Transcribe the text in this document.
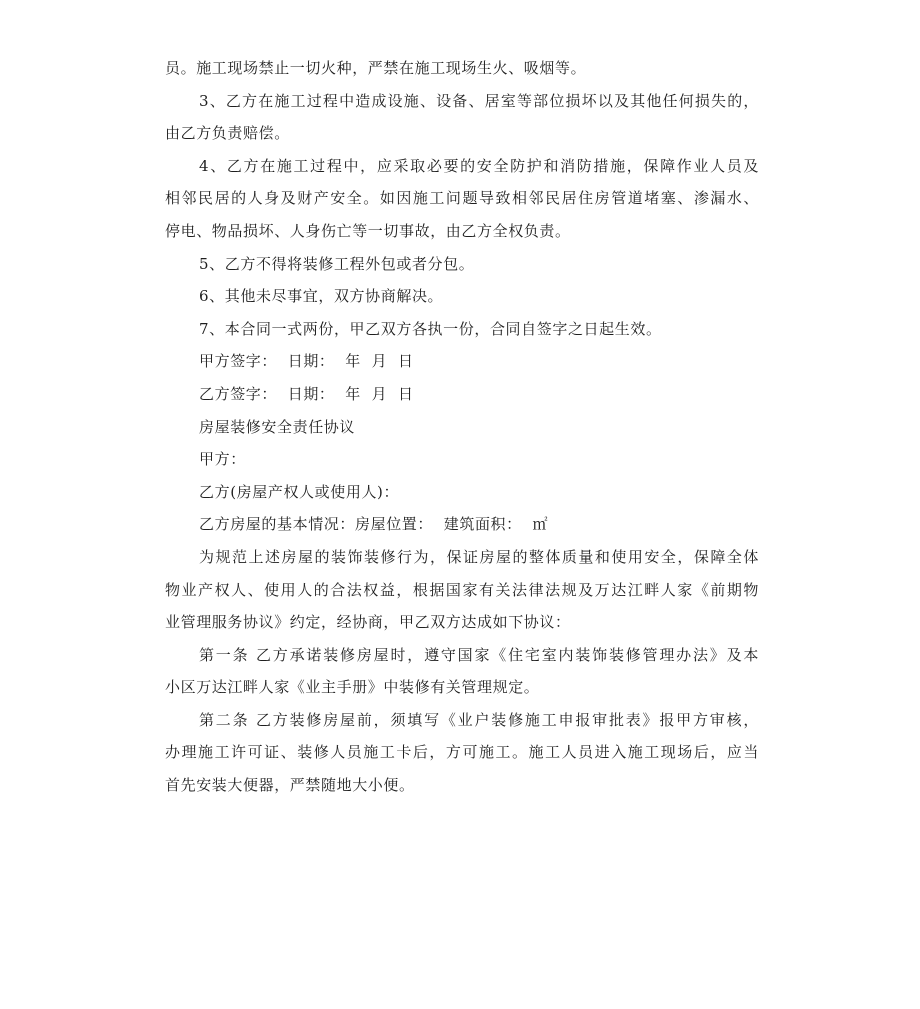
员。施工现场禁止一切火种，严禁在施工现场生火、吸烟等。
3、乙方在施工过程中造成设施、设备、居室等部位损坏以及其他任何损失的，
由乙方负责赔偿。
4、乙方在施工过程中，应采取必要的安全防护和消防措施，保障作业人员及
相邻民居的人身及财产安全。如因施工问题导致相邻民居住房管道堵塞、渗漏水、
停电、物品损坏、人身伤亡等一切事故，由乙方全权负责。
5、乙方不得将装修工程外包或者分包。
6、其他未尽事宜，双方协商解决。
7、本合同一式两份，甲乙双方各执一份，合同自签字之日起生效。
甲方签字：  日期：  年  月  日
乙方签字：  日期：  年  月  日
房屋装修安全责任协议
甲方：
乙方(房屋产权人或使用人)：
乙方房屋的基本情况：房屋位置：  建筑面积：  ㎡
为规范上述房屋的装饰装修行为，保证房屋的整体质量和使用安全，保障全体
物业产权人、使用人的合法权益，根据国家有关法律法规及万达江畔人家《前期物
业管理服务协议》约定，经协商，甲乙双方达成如下协议：
第一条 乙方承诺装修房屋时，遵守国家《住宅室内装饰装修管理办法》及本
小区万达江畔人家《业主手册》中装修有关管理规定。
第二条 乙方装修房屋前，须填写《业户装修施工申报审批表》报甲方审核，
办理施工许可证、装修人员施工卡后，方可施工。施工人员进入施工现场后，应当
首先安装大便器，严禁随地大小便。
